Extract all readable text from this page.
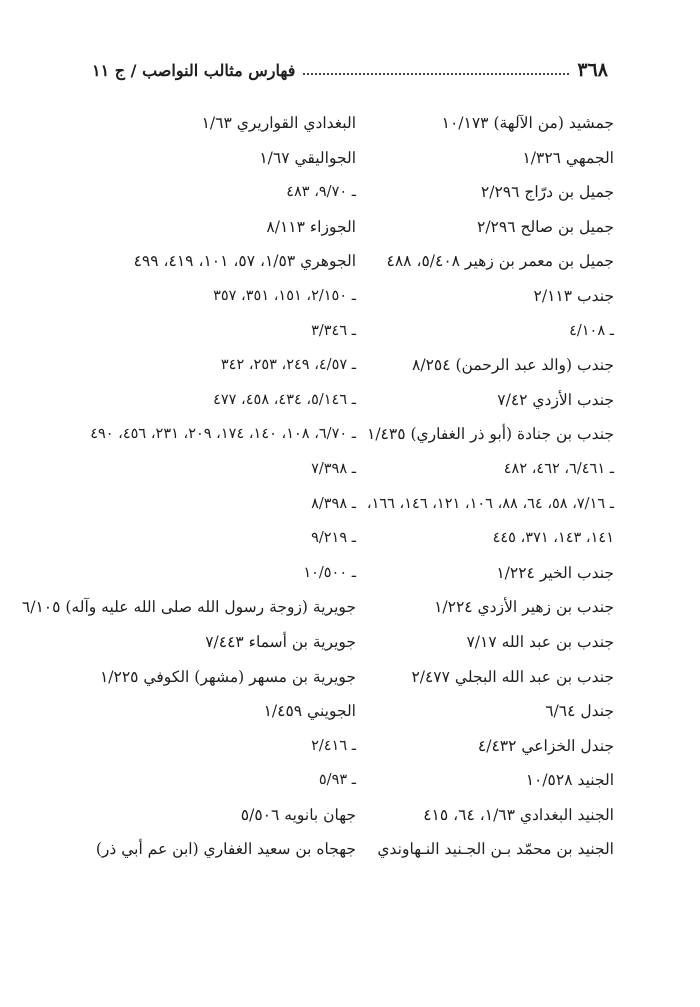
٣٦٨
فهارس مثالب النواصب / ج ١١
جمشيد (من الآلهة) ١٠/١٧٣
الجمهي ١/٣٢٦
جميل بن درّاج ٢/٢٩٦
جميل بن صالح ٢/٢٩٦
جميل بن معمر بن زهير ٥/٤٠٨، ٤٨٨
جندب ٢/١١٣
ـ ٤/١٠٨
جندب (والد عبد الرحمن) ٨/٢٥٤
جندب الأزدي ٧/٤٢
جندب بن جنادة (أبو ذر الغفاري) ١/٤٣٥
ـ ٦/٤٦١، ٤٦٢، ٤٨٢
ـ ٧/١٦، ٥٨، ٦٤، ٨٨، ١٠٦، ١٢١، ١٤٦، ١٦٦،
١٤١، ١٤٣، ٣٧١، ٤٤٥
جندب الخير ١/٢٢٤
جندب بن زهير الأزدي ١/٢٢٤
جندب بن عبد الله ٧/١٧
جندب بن عبد الله البجلي ٢/٤٧٧
جندل ٦/٦٤
جندل الخزاعي ٤/٤٣٢
الجنيد ١٠/٥٢٨
الجنيد البغدادي ١/٦٣، ٦٤، ٤١٥
الجنيد بن محمّد بـن الجـنيد النـهاوندي
البغدادي القواريري ١/٦٣
الجواليقي ١/٦٧
ـ ٩/٧٠، ٤٨٣
الجوزاء ٨/١١٣
الجوهري ١/٥٣، ٥٧، ١٠١، ٤١٩، ٤٩٩
ـ ٢/١٥٠، ١٥١، ٣٥١، ٣٥٧
ـ ٣/٣٤٦
ـ ٤/٥٧، ٢٤٩، ٢٥٣، ٣٤٢
ـ ٥/١٤٦، ٤٣٤، ٤٥٨، ٤٧٧
ـ ٦/٧٠، ١٠٨، ١٤٠، ١٧٤، ٢٠٩، ٢٣١، ٤٥٦، ٤٩٠
ـ ٧/٣٩٨
ـ ٨/٣٩٨
ـ ٩/٢١٩
ـ ١٠/٥٠٠
جويرية (زوجة رسول الله صلى الله عليه وآله) ٦/١٠٥
جويرية بن أسماء ٧/٤٤٣
جويرية بن مسهر (مشهر) الكوفي ١/٢٢٥
الجويني ١/٤٥٩
ـ ٢/٤١٦
ـ ٥/٩٣
جهان بانويه ٥/٥٠٦
جهجاه بن سعيد الغفاري (ابن عم أبي ذر)
